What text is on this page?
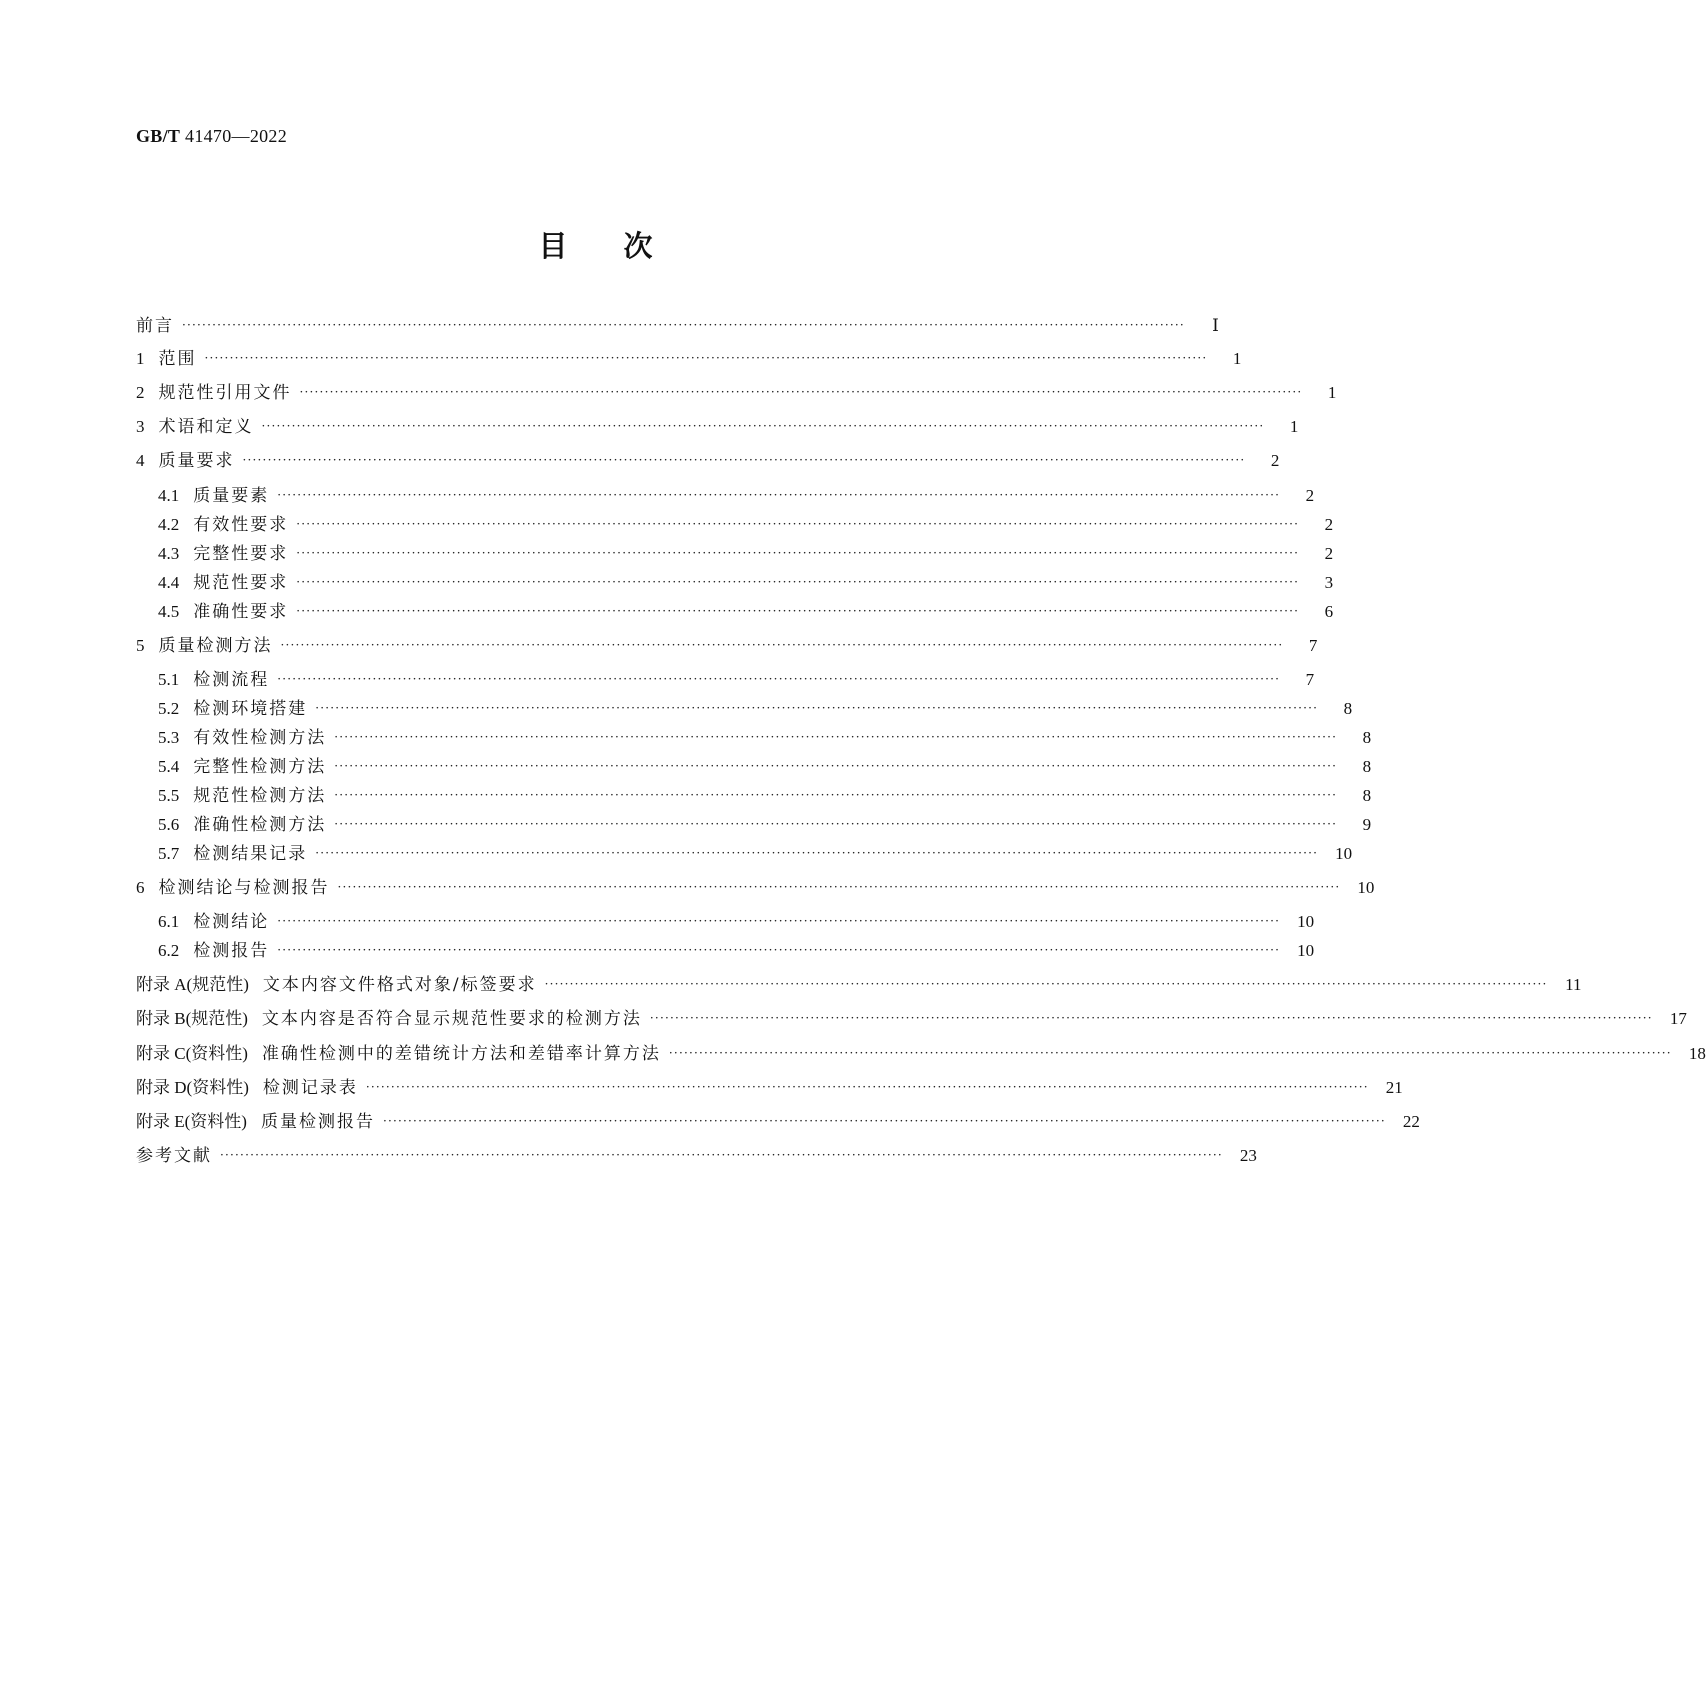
GB/T 41470—2022
目次
前言 ········································································································································································································	Ⅰ
1 范围 ········································································································································································································	1
2 规范性引用文件 ········································································································································································································	1
3 术语和定义 ········································································································································································································	1
4 质量要求 ········································································································································································································	2
4.1 质量要素 ········································································································································································································	2
4.2 有效性要求 ········································································································································································································	2
4.3 完整性要求 ········································································································································································································	2
4.4 规范性要求 ········································································································································································································	3
4.5 准确性要求 ········································································································································································································	6
5 质量检测方法 ········································································································································································································	7
5.1 检测流程 ········································································································································································································	7
5.2 检测环境搭建 ········································································································································································································	8
5.3 有效性检测方法 ········································································································································································································	8
5.4 完整性检测方法 ········································································································································································································	8
5.5 规范性检测方法 ········································································································································································································	8
5.6 准确性检测方法 ········································································································································································································	9
5.7 检测结果记录 ········································································································································································································	10
6 检测结论与检测报告 ········································································································································································································	10
6.1 检测结论 ········································································································································································································	10
6.2 检测报告 ········································································································································································································	10
附录 A(规范性) 文本内容文件格式对象/标签要求 ········································································································································································································	11
附录 B(规范性) 文本内容是否符合显示规范性要求的检测方法 ········································································································································································································	17
附录 C(资料性) 准确性检测中的差错统计方法和差错率计算方法 ········································································································································································································	18
附录 D(资料性) 检测记录表 ········································································································································································································	21
附录 E(资料性) 质量检测报告 ········································································································································································································	22
参考文献 ········································································································································································································	23
